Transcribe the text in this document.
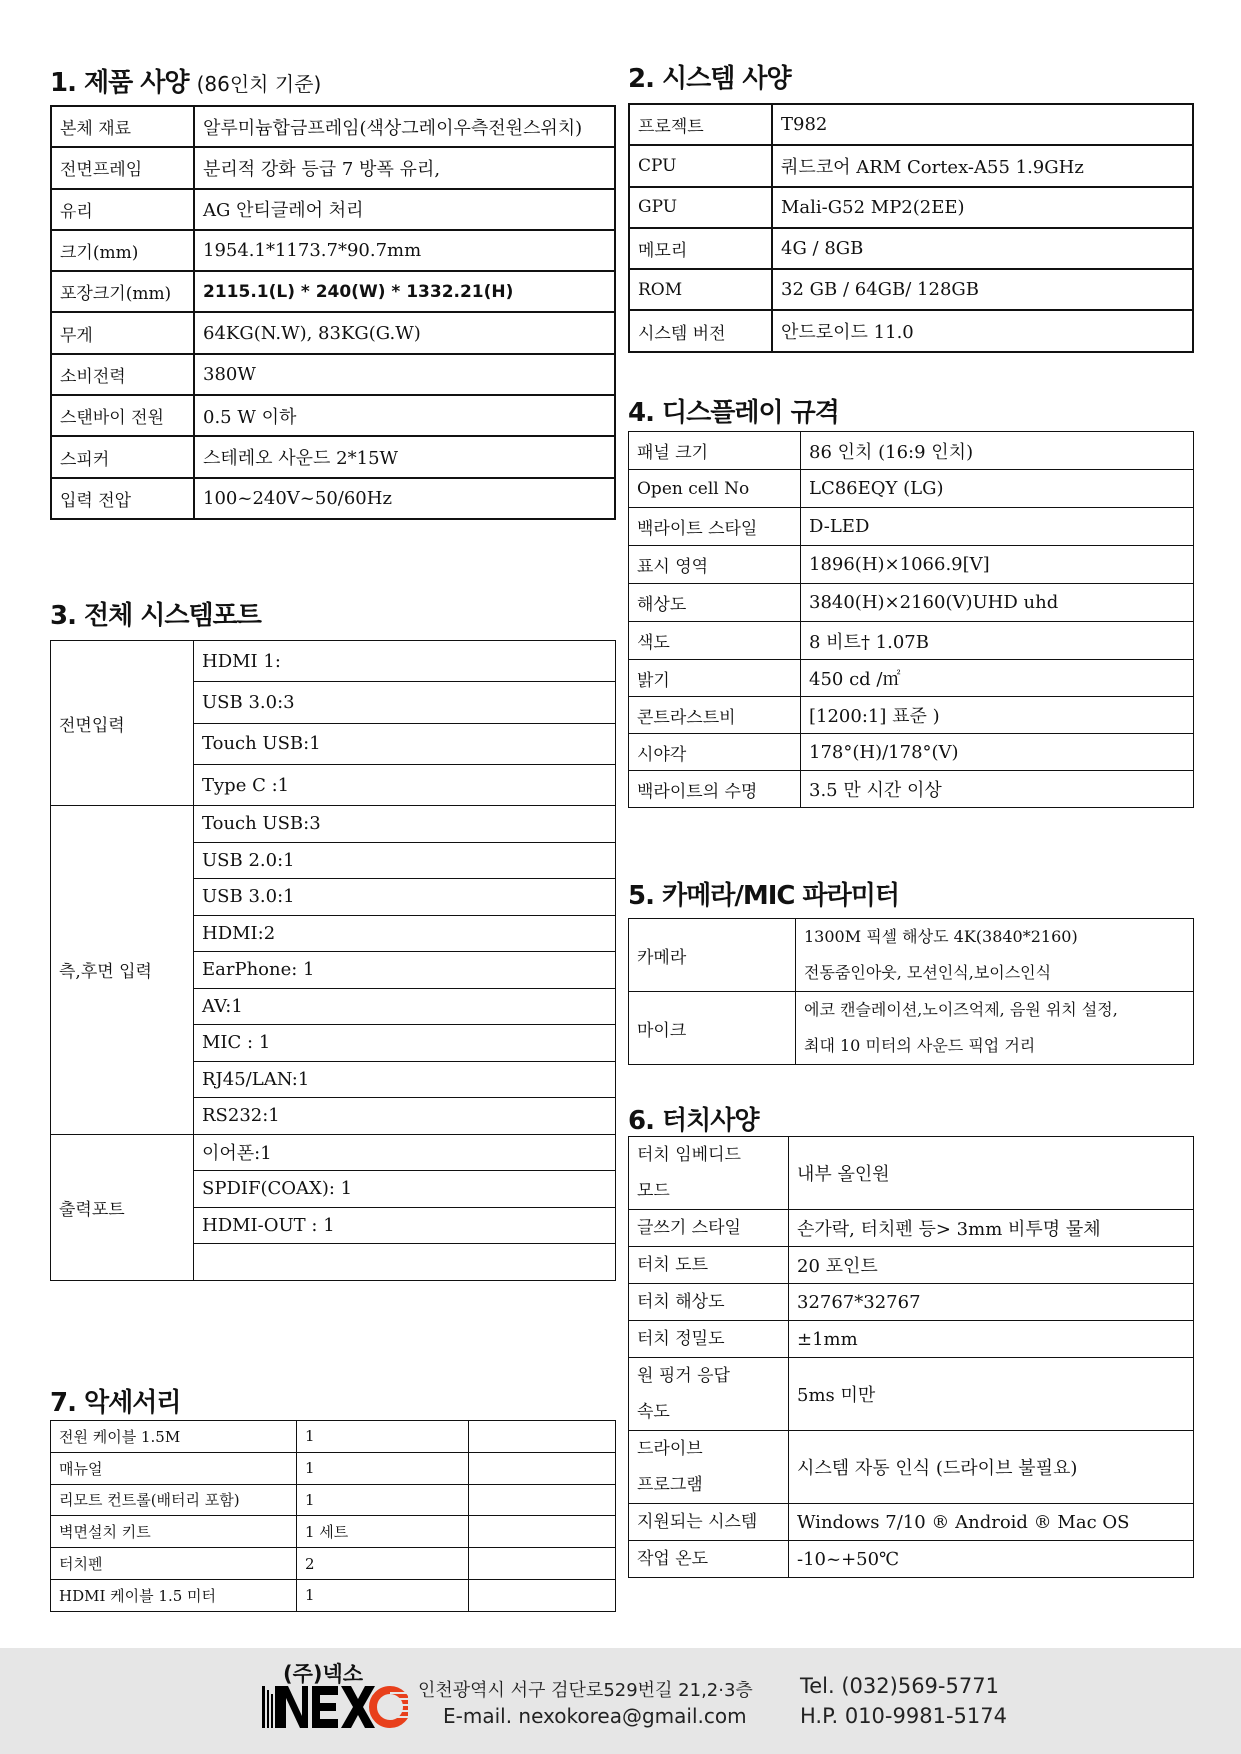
1. 제품 사양 (86인치 기준)
본체 재료	알루미늄합금프레임(색상그레이우측전원스위치)
전면프레임	분리적 강화 등급 7 방폭 유리,
유리	AG 안티글레어 처리
크기(mm)	1954.1*1173.7*90.7mm
포장크기(mm)	2115.1(L) * 240(W) * 1332.21(H)
무게	64KG(N.W), 83KG(G.W)
소비전력	380W
스탠바이 전원	0.5 W 이하
스피커	스테레오 사운드 2*15W
입력 전압	100~240V~50/60Hz
3. 전체 시스템포트
전면입력	HDMI 1:
	USB 3.0:3
	Touch USB:1
	Type C :1
측,후면 입력	Touch USB:3
	USB 2.0:1
	USB 3.0:1
	HDMI:2
	EarPhone: 1
	AV:1
	MIC : 1
	RJ45/LAN:1
	RS232:1
출력포트	이어폰:1
	SPDIF(COAX): 1
	HDMI-OUT : 1

7. 악세서리
전원 케이블 1.5M	1	
매뉴얼	1	
리모트 컨트롤(배터리 포함)	1	
벽면설치 키트	1 세트	
터치펜	2	
HDMI 케이블 1.5 미터	1	
2. 시스템 사양
프로젝트	T982
CPU	쿼드코어 ARM Cortex-A55 1.9GHz
GPU	Mali-G52 MP2(2EE)
메모리	4G / 8GB
ROM	32 GB / 64GB/ 128GB
시스템 버전	안드로이드 11.0
4. 디스플레이 규격
패널 크기	86 인치 (16:9 인치)
Open cell No	LC86EQY (LG)
백라이트 스타일	D-LED
표시 영역	1896(H)×1066.9[V]
해상도	3840(H)×2160(V)UHD uhd
색도	8 비트† 1.07B
밝기	450 cd /㎡
콘트라스트비	[1200:1] 표준 )
시야각	178°(H)/178°(V)
백라이트의 수명	3.5 만 시간 이상
5. 카메라/MIC 파라미터
카메라	1300M 픽셀 해상도 4K(3840*2160)
전동줌인아웃, 모션인식,보이스인식

마이크	에코 캔슬레이션,노이즈억제, 음원 위치 설정,
최대 10 미터의 사운드 픽업 거리
6. 터치사양
터치 임베디드
모드	내부 올인원

글쓰기 스타일	손가락, 터치펜 등> 3mm 비투명 물체

터치 도트	20 포인트

터치 해상도	32767*32767

터치 정밀도	±1mm

원 핑거 응답
속도	5ms 미만

드라이브
프로그램	시스템 자동 인식 (드라이브 불필요)

지원되는 시스템	Windows 7/10 ® Android ® Mac OS

작업 온도	-10~+50℃
(주)넥소
인천광역시 서구 검단로529번길 21,2·3층
E-mail. nexokorea@gmail.com
Tel. (032)569-5771
H.P. 010-9981-5174
